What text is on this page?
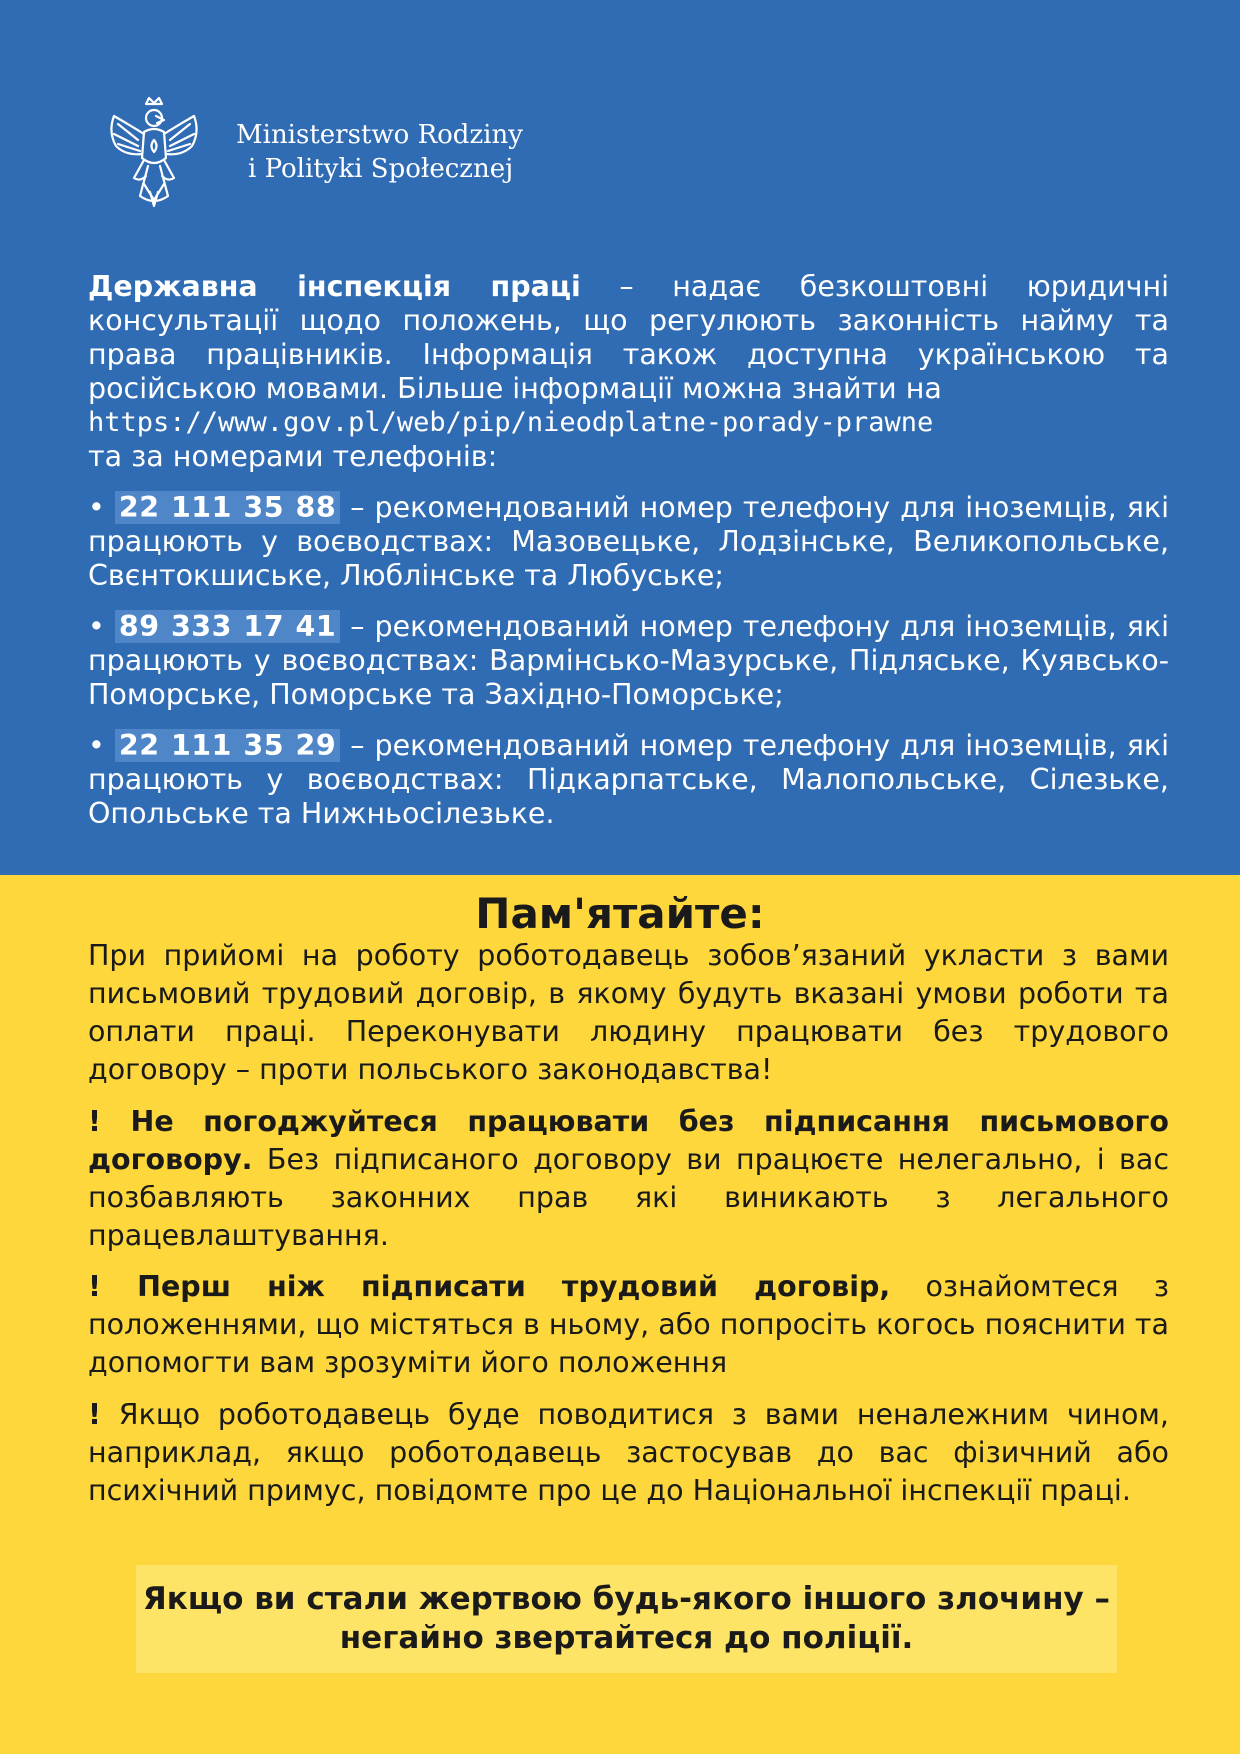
Ministerstwo Rodziny
i Polityki Społecznej
Державна інспекція праці – надає безкоштовні юридичні консультації щодо положень, що регулюють законність найму та права працівників. Інформація також доступна українською та російською мовами. Більше інформації можна знайти на
https://www.gov.pl/web/pip/nieodplatne-porady-prawne
та за номерами телефонів:
• 22 111 35 88 – рекомендований номер телефону для іноземців, які працюють у воєводствах: Мазовецьке, Лодзінське, Великопольське, Свєнтокшиське, Люблінське та Любуське;
• 89 333 17 41 – рекомендований номер телефону для іноземців, які працюють у воєводствах: Вармінсько-Мазурське, Підляське, Куявсько-Поморське, Поморське та Західно-Поморське;
• 22 111 35 29 – рекомендований номер телефону для іноземців, які працюють у воєводствах: Підкарпатське, Малопольське, Сілезьке, Опольське та Нижньосілезьке.
Пам'ятайте:
При прийомі на роботу роботодавець зобов’язаний укласти з вами письмовий трудовий договір, в якому будуть вказані умови роботи та оплати праці. Переконувати людину працювати без трудового договору – проти польського законодавства!
! Не погоджуйтеся працювати без підписання письмового договору. Без підписаного договору ви працюєте нелегально, і вас позбавляють законних прав які виникають з легального працевлаштування.
! Перш ніж підписати трудовий договір, ознайомтеся з положеннями, що містяться в ньому, або попросіть когось пояснити та допомогти вам зрозуміти його положення
! Якщо роботодавець буде поводитися з вами неналежним чином, наприклад, якщо роботодавець застосував до вас фізичний або психічний примус, повідомте про це до Національної інспекції праці.
Якщо ви стали жертвою будь-якого іншого злочину –
негайно звертайтеся до поліції.
